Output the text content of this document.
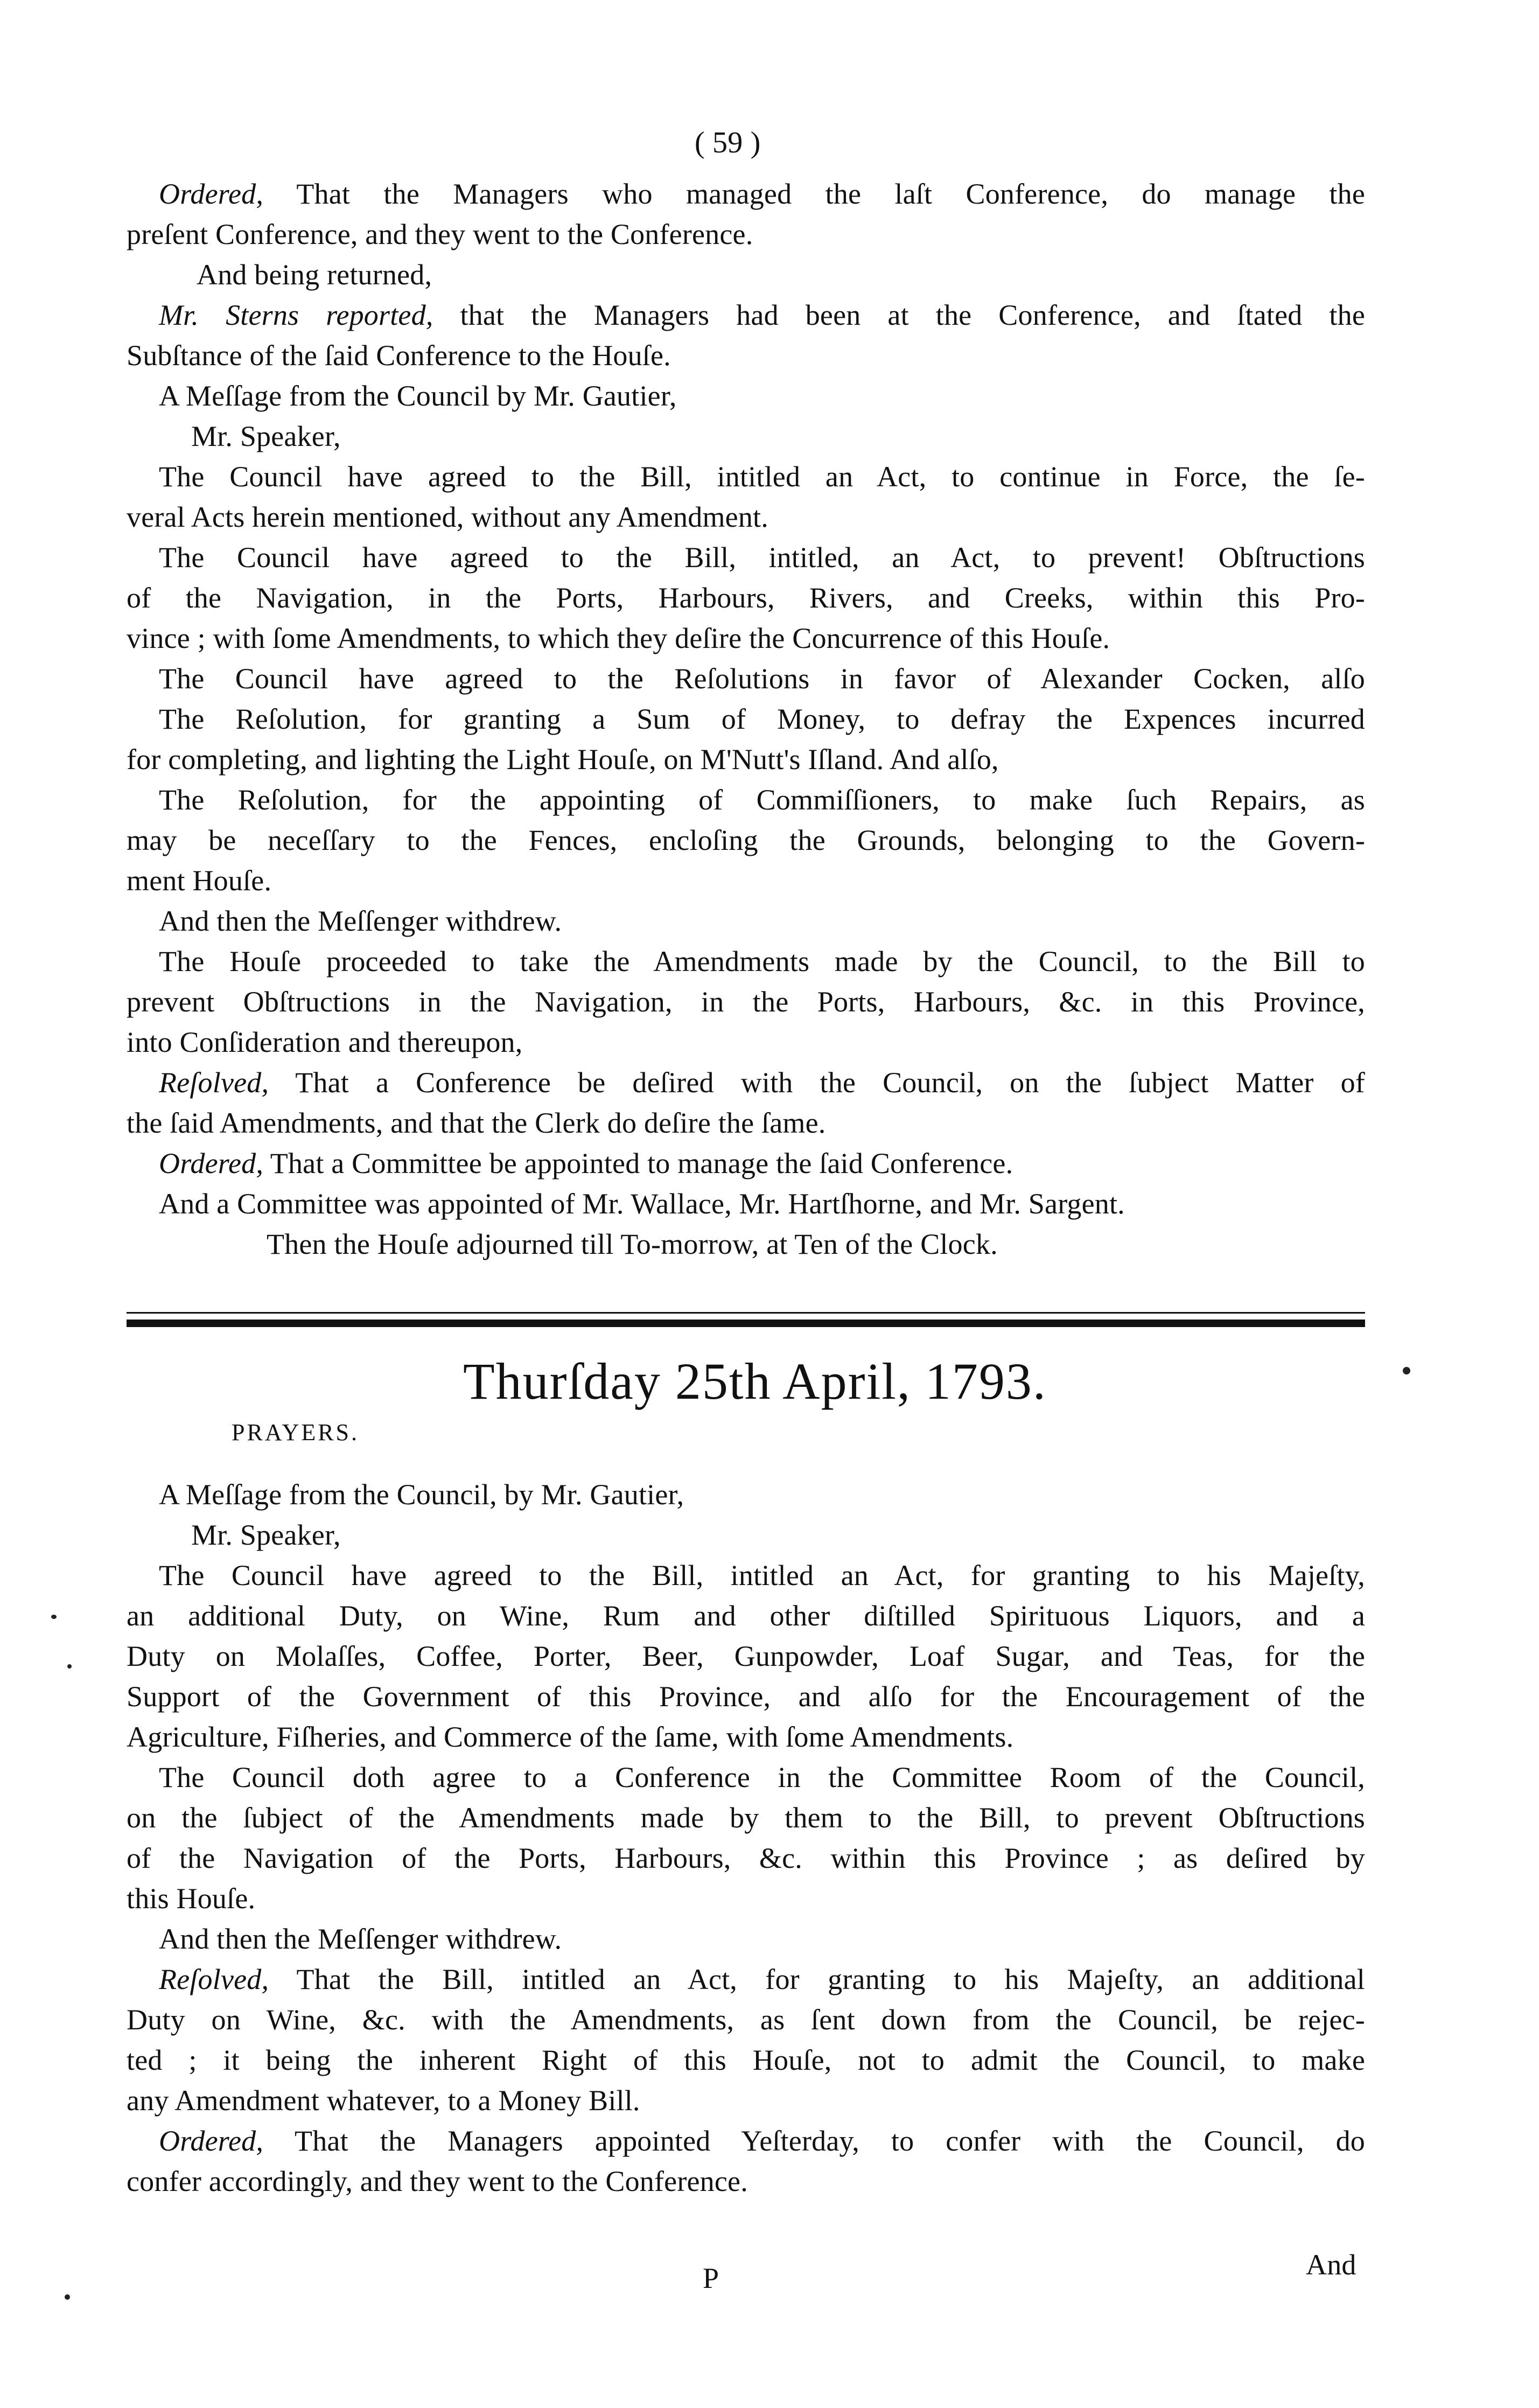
( 59 )
Ordered, That the Managers who managed the laſt Conference, do manage the
preſent Conference, and they went to the Conference.
And being returned,
Mr. Sterns reported, that the Managers had been at the Conference, and ſtated the
Subſtance of the ſaid Conference to the Houſe.
A Meſſage from the Council by Mr. Gautier,
Mr. Speaker,
The Council have agreed to the Bill, intitled an Act, to continue in Force, the ſe-
veral Acts herein mentioned, without any Amendment.
The Council have agreed to the Bill, intitled, an Act, to prevent! Obſtructions
of the Navigation, in the Ports, Harbours, Rivers, and Creeks, within this Pro-
vince ; with ſome Amendments, to which they deſire the Concurrence of this Houſe.
The Council have agreed to the Reſolutions in favor of Alexander Cocken, alſo
The Reſolution, for granting a Sum of Money, to defray the Expences incurred
for completing, and lighting the Light Houſe, on M'Nutt's Iſland. And alſo,
The Reſolution, for the appointing of Commiſſioners, to make ſuch Repairs, as
may be neceſſary to the Fences, encloſing the Grounds, belonging to the Govern-
ment Houſe.
And then the Meſſenger withdrew.
The Houſe proceeded to take the Amendments made by the Council, to the Bill to
prevent Obſtructions in the Navigation, in the Ports, Harbours, &c. in this Province,
into Conſideration and thereupon,
Reſolved, That a Conference be deſired with the Council, on the ſubject Matter of
the ſaid Amendments, and that the Clerk do deſire the ſame.
Ordered, That a Committee be appointed to manage the ſaid Conference.
And a Committee was appointed of Mr. Wallace, Mr. Hartſhorne, and Mr. Sargent.
Then the Houſe adjourned till To-morrow, at Ten of the Clock.
Thurſday 25th April, 1793.
PRAYERS.
A Meſſage from the Council, by Mr. Gautier,
Mr. Speaker,
The Council have agreed to the Bill, intitled an Act, for granting to his Majeſty,
an additional Duty, on Wine, Rum and other diſtilled Spirituous Liquors, and a
Duty on Molaſſes, Coffee, Porter, Beer, Gunpowder, Loaf Sugar, and Teas, for the
Support of the Government of this Province, and alſo for the Encouragement of the
Agriculture, Fiſheries, and Commerce of the ſame, with ſome Amendments.
The Council doth agree to a Conference in the Committee Room of the Council,
on the ſubject of the Amendments made by them to the Bill, to prevent Obſtructions
of the Navigation of the Ports, Harbours, &c. within this Province ; as deſired by
this Houſe.
And then the Meſſenger withdrew.
Reſolved, That the Bill, intitled an Act, for granting to his Majeſty, an additional
Duty on Wine, &c. with the Amendments, as ſent down from the Council, be rejec-
ted ; it being the inherent Right of this Houſe, not to admit the Council, to make
any Amendment whatever, to a Money Bill.
Ordered, That the Managers appointed Yeſterday, to confer with the Council, do
confer accordingly, and they went to the Conference.
P	And
